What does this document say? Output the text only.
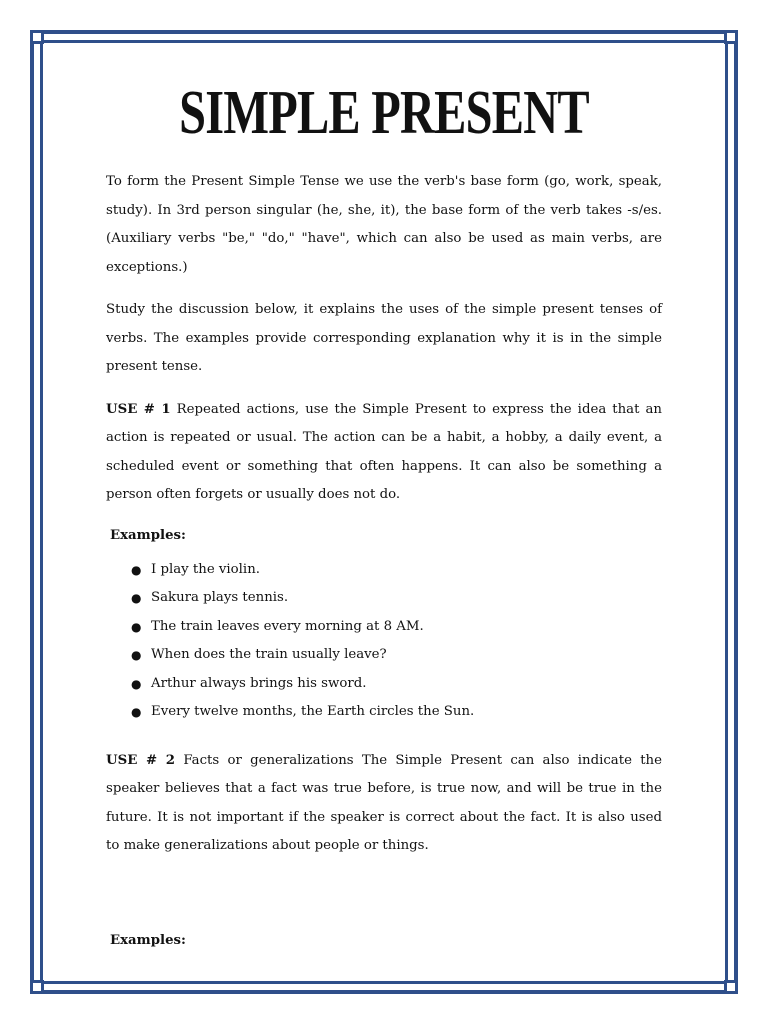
SIMPLE PRESENT

To form the Present Simple Tense we use the verb's base form (go, work, speak, study). In 3rd person singular (he, she, it), the base form of the verb takes -s/es. (Auxiliary verbs "be," "do," "have", which can also be used as main verbs, are exceptions.)

Study the discussion below, it explains the uses of the simple present tenses of verbs. The examples provide corresponding explanation why it is in the simple present tense.

USE # 1 Repeated actions, use the Simple Present to express the idea that an action is repeated or usual. The action can be a habit, a hobby, a daily event, a scheduled event or something that often happens. It can also be something a person often forgets or usually does not do.

Examples:
● I play the violin.
● Sakura plays tennis.
● The train leaves every morning at 8 AM.
● When does the train usually leave?
● Arthur always brings his sword.
● Every twelve months, the Earth circles the Sun.

USE # 2 Facts or generalizations The Simple Present can also indicate the speaker believes that a fact was true before, is true now, and will be true in the future. It is not important if the speaker is correct about the fact. It is also used to make generalizations about people or things.

Examples:
